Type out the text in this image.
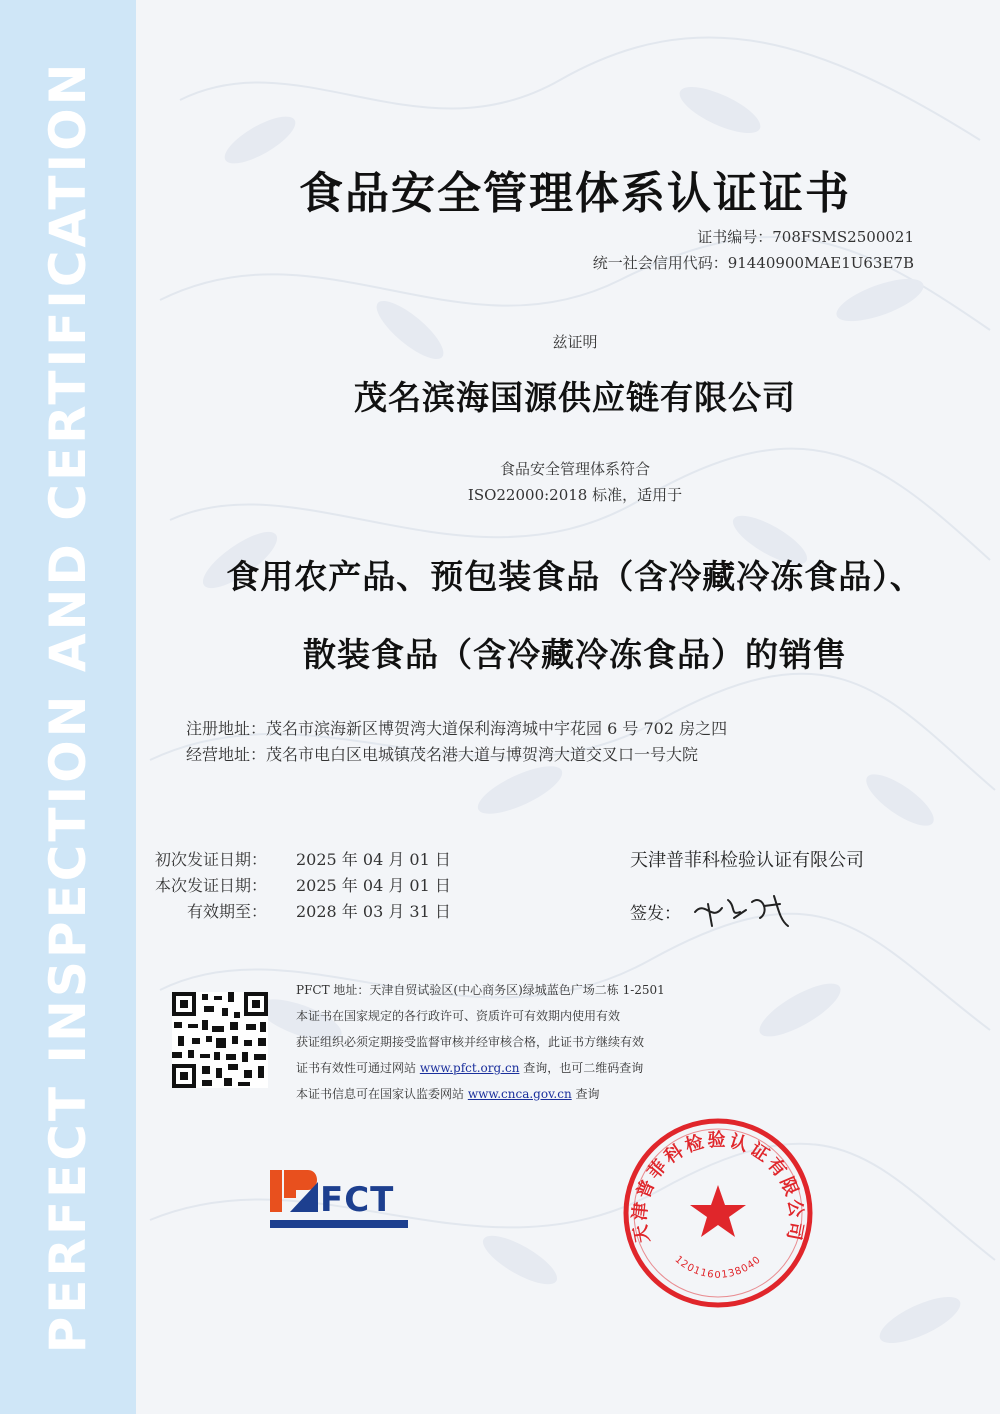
PERFECT INSPECTION AND CERTIFICATION	食品安全管理体系认证证书
证书编号：708FSMS2500021
统一社会信用代码：91440900MAE1U63E7B
兹证明
茂名滨海国源供应链有限公司
食品安全管理体系符合
ISO22000:2018 标准，适用于
食用农产品、预包装食品（含冷藏冷冻食品）、
散装食品（含冷藏冷冻食品）的销售
注册地址：茂名市滨海新区博贺湾大道保利海湾城中宇花园 6 号 702 房之四
经营地址：茂名市电白区电城镇茂名港大道与博贺湾大道交叉口一号大院
初次发证日期： 2025 年 04 月 01 日
本次发证日期： 2025 年 04 月 01 日
有效期至： 2028 年 03 月 31 日
天津普菲科检验认证有限公司
签发：
PFCT 地址：天津自贸试验区(中心商务区)绿城蓝色广场二栋 1-2501
本证书在国家规定的各行政许可、资质许可有效期内使用有效
获证组织必须定期接受监督审核并经审核合格，此证书方继续有效
证书有效性可通过网站 www.pfct.org.cn 查询，也可二维码查询
本证书信息可在国家认监委网站 www.cnca.gov.cn 查询
FCT
天津普菲科检验认证有限公司
1201160138040
